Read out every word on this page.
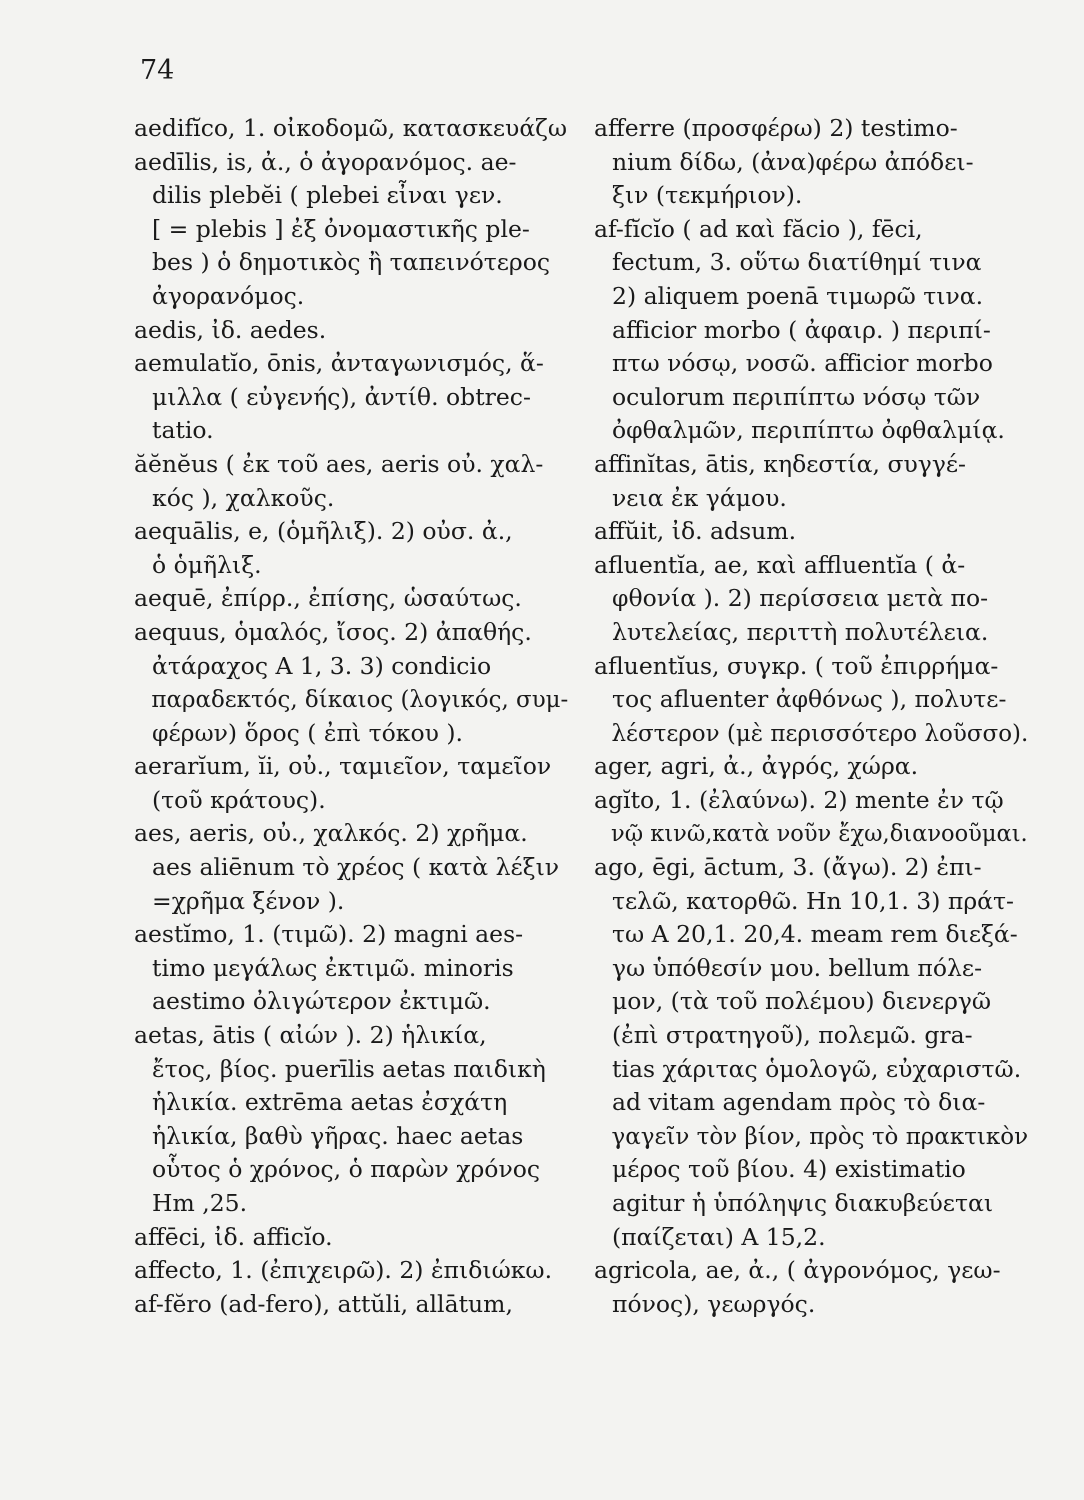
74
aedifĭco, 1. οἰκοδομῶ, κατασκευάζω
aedīlis, is, ἀ., ὁ ἀγορανόμος. ae-
dilis plebĕi ( plebei εἶναι γεν.
[ = plebis ] ἐξ ὀνομαστικῆς ple-
bes ) ὁ δημοτικὸς ἢ ταπεινότερος
ἀγορανόμος.
aedis, ἰδ. aedes.
aemulatĭo, ōnis, ἀνταγωνισμός, ἅ-
μιλλα ( εὐγενής), ἀντίθ. obtrec-
tatio.
ăĕnĕus ( ἐκ τοῦ aes, aeris οὐ. χαλ-
κός ), χαλκοῦς.
aequālis, e, (ὁμῆλιξ). 2) οὐσ. ἀ.,
ὁ ὁμῆλιξ.
aequē, ἐπίρρ., ἐπίσης, ὡσαύτως.
aequus, ὁμαλός, ἴσος. 2) ἀπαθής.
ἀτάραχος A 1, 3. 3) condicio
παραδεκτός, δίκαιος (λογικός, συμ-
φέρων) ὅρος ( ἐπὶ τόκου ).
aerarĭum, ĭi, οὐ., ταμιεῖον, ταμεῖον
(τοῦ κράτους).
aes, aeris, οὐ., χαλκός. 2) χρῆμα.
aes aliēnum τὸ χρέος ( κατὰ λέξιν
=χρῆμα ξένον ).
aestĭmo, 1. (τιμῶ). 2) magni aes-
timo μεγάλως ἐκτιμῶ. minoris
aestimo ὀλιγώτερον ἐκτιμῶ.
aetas, ātis ( αἰών ). 2) ἡλικία,
ἔτος, βίος. puerīlis aetas παιδικὴ
ἡλικία. extrēma aetas ἐσχάτη
ἡλικία, βαθὺ γῆρας. haec aetas
οὗτος ὁ χρόνος, ὁ παρὼν χρόνος
Hm ,25.
affēci, ἰδ. afficĭo.
affecto, 1. (ἐπιχειρῶ). 2) ἐπιδιώκω.
af-fĕro (ad-fero), attŭli, allātum,
afferre (προσφέρω) 2) testimo-
nium δίδω, (ἀνα)φέρω ἀπόδει-
ξιν (τεκμήριον).
af-fĭcĭo ( ad καὶ făcio ), fēci,
fectum, 3. οὕτω διατίθημί τινα
2) aliquem poenā τιμωρῶ τινα.
afficior morbo ( ἀφαιρ. ) περιπί-
πτω νόσῳ, νοσῶ. afficior morbo
oculorum περιπίπτω νόσῳ τῶν
ὀφθαλμῶν, περιπίπτω ὀφθαλμίᾳ.
affinĭtas, ātis, κηδεστία, συγγέ-
νεια ἐκ γάμου.
affŭit, ἰδ. adsum.
afluentĭa, ae, καὶ affluentĭa ( ἀ-
φθονία ). 2) περίσσεια μετὰ πο-
λυτελείας, περιττὴ πολυτέλεια.
afluentĭus, συγκρ. ( τοῦ ἐπιρρήμα-
τος afluenter ἀφθόνως ), πολυτε-
λέστερον (μὲ περισσότερο λοῦσσο).
ager, agri, ἀ., ἀγρός, χώρα.
agĭto, 1. (ἐλαύνω). 2) mente ἐν τῷ
νῷ κινῶ,κατὰ νοῦν ἔχω,διανοοῦμαι.
ago, ēgi, āctum, 3. (ἄγω). 2) ἐπι-
τελῶ, κατορθῶ. Hn 10,1. 3) πράτ-
τω A 20,1. 20,4. meam rem διεξά-
γω ὑπόθεσίν μου. bellum πόλε-
μον, (τὰ τοῦ πολέμου) διενεργῶ
(ἐπὶ στρατηγοῦ), πολεμῶ. gra-
tias χάριτας ὁμολογῶ, εὐχαριστῶ.
ad vitam agendam πρὸς τὸ δια-
γαγεῖν τὸν βίον, πρὸς τὸ πρακτικὸν
μέρος τοῦ βίου. 4) existimatio
agitur ἡ ὑπόληψις διακυβεύεται
(παίζεται) A 15,2.
agricola, ae, ἀ., ( ἀγρονόμος, γεω-
πόνος), γεωργός.
